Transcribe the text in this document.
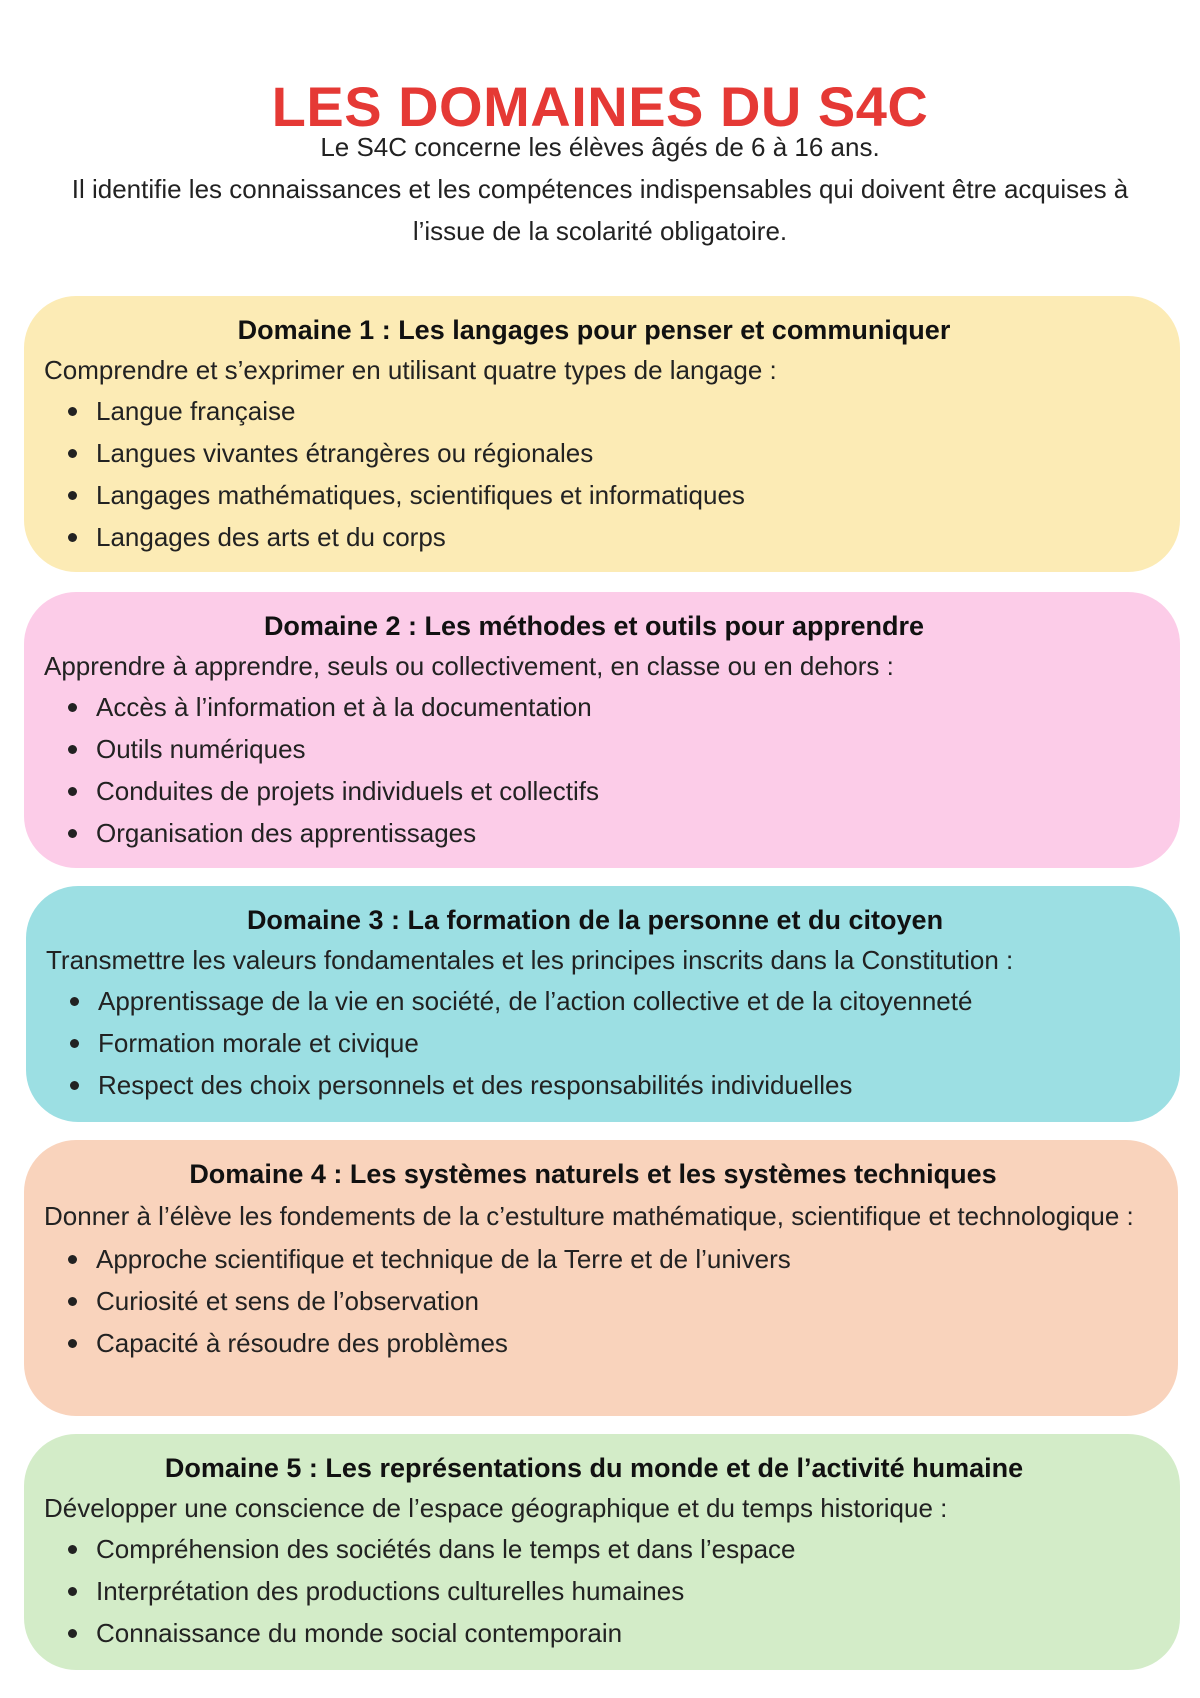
LES DOMAINES DU S4C

Le S4C concerne les élèves âgés de 6 à 16 ans.

Il identifie les connaissances et les compétences indispensables qui doivent être acquises à l’issue de la scolarité obligatoire.

Domaine 1 : Les langages pour penser et communiquer

Comprendre et s’exprimer en utilisant quatre types de langage :

Langue française
Langues vivantes étrangères ou régionales
Langages mathématiques, scientifiques et informatiques
Langages des arts et du corps
Domaine 2 : Les méthodes et outils pour apprendre

Apprendre à apprendre, seuls ou collectivement, en classe ou en dehors :

Accès à l’information et à la documentation
Outils numériques
Conduites de projets individuels et collectifs
Organisation des apprentissages
Domaine 3 : La formation de la personne et du citoyen

Transmettre les valeurs fondamentales et les principes inscrits dans la Constitution :

Apprentissage de la vie en société, de l’action collective et de la citoyenneté
Formation morale et civique
Respect des choix personnels et des responsabilités individuelles
Domaine 4 : Les systèmes naturels et les systèmes techniques

Donner à l’élève les fondements de la c’estulture mathématique, scientifique et technologique :

Approche scientifique et technique de la Terre et de l’univers
Curiosité et sens de l’observation
Capacité à résoudre des problèmes
Domaine 5 : Les représentations du monde et de l’activité humaine

Développer une conscience de l’espace géographique et du temps historique :

Compréhension des sociétés dans le temps et dans l’espace
Interprétation des productions culturelles humaines
Connaissance du monde social contemporain
